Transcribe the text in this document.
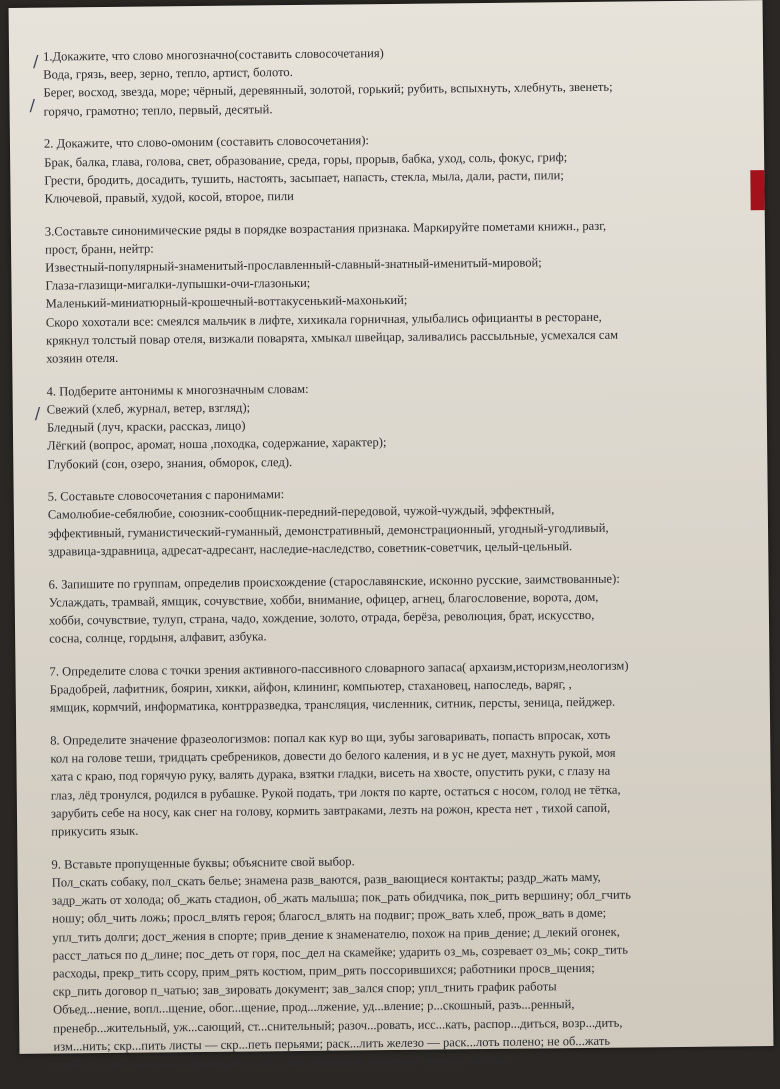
/
/
/
1.Докажите, что слово многозначно(составить словосочетания)
Вода, грязь, веер, зерно, тепло, артист, болото.
Берег, восход, звезда, море; чёрный, деревянный, золотой, горький; рубить, вспыхнуть, хлебнуть, звенеть;
горячо, грамотно; тепло, первый, десятый.
2. Докажите, что слово-омоним (составить словосочетания):
Брак, балка, глава, голова, свет, образование, среда, горы, прорыв, бабка, уход, соль, фокус, гриф;
Грести, бродить, досадить, тушить, настоять, засыпает, напасть, стекла, мыла, дали, расти, пили;
Ключевой, правый, худой, косой, второе, пили
3.Составьте синонимические ряды в порядке возрастания признака. Маркируйте пометами книжн., разг,
прост, бранн, нейтр:
Известный-популярный-знаменитый-прославленный-славный-знатный-именитый-мировой;
Глаза-глазищи-мигалки-лупышки-очи-глазоньки;
Маленький-миниатюрный-крошечный-воттакусенький-махонький;
Скоро хохотали все: смеялся мальчик в лифте, хихикала горничная, улыбались официанты в ресторане,
крякнул толстый повар отеля, визжали поварята, хмыкал швейцар, заливались рассыльные, усмехался сам
хозяин отеля.
4. Подберите антонимы к многозначным словам:
Свежий (хлеб, журнал, ветер, взгляд);
Бледный (луч, краски, рассказ, лицо)
Лёгкий (вопрос, аромат, ноша ,походка, содержание, характер);
Глубокий (сон, озеро, знания, обморок, след).
5. Составьте словосочетания с паронимами:
Самолюбие-себялюбие, союзник-сообщник-передний-передовой, чужой-чуждый, эффектный,
эффективный, гуманистический-гуманный, демонстративный, демонстрационный, угодный-угодливый,
здравица-здравница, адресат-адресант, наследие-наследство, советник-советчик, целый-цельный.
6. Запишите по группам, определив происхождение (старославянские, исконно русские, заимствованные):
Услаждать, трамвай, ямщик, сочувствие, хобби, внимание, офицер, агнец, благословение, ворота, дом,
хобби, сочувствие, тулуп, страна, чадо, хождение, золото, отрада, берёза, революция, брат, искусство,
сосна, солнце, гордыня, алфавит, азбука.
7. Определите слова с точки зрения активного-пассивного словарного запаса( архаизм,историзм,неологизм)
Брадобрей, лафитник, боярин, хикки, айфон, клининг, компьютер, стахановец, напоследь, варяг, ,
ямщик, кормчий, информатика, контрразведка, трансляция, численник, ситник, персты, зеница, пейджер.
8. Определите значение фразеологизмов: попал как кур во щи, зубы заговаривать, попасть впросак, хоть
кол на голове теши, тридцать сребреников, довести до белого каления, и в ус не дует, махнуть рукой, моя
хата с краю, под горячую руку, валять дурака, взятки гладки, висеть на хвосте, опустить руки, с глазу на
глаз, лёд тронулся, родился в рубашке. Рукой подать, три локтя по карте, остаться с носом, голод не тётка,
зарубить себе на носу, как снег на голову, кормить завтраками, лезть на рожон, креста нет , тихой сапой,
прикусить язык.
9. Вставьте пропущенные буквы; объясните свой выбор.
Пол_скать собаку, пол_скать белье; знамена разв_ваются, разв_вающиеся контакты; раздр_жать маму,
задр_жать от холода; об_жать стадион, об_жать малыша; пок_рать обидчика, пок_рить вершину; обл_гчить
ношу; обл_чить ложь; просл_влять героя; благосл_влять на подвиг; прож_вать хлеб, прож_вать в доме;
упл_тить долги; дост_жения в спорте; прив_дение к знаменателю, похож на прив_дение; д_лекий огонек,
расст_латься по д_лине; пос_деть от горя, пос_дел на скамейке; ударить оз_мь, созревает оз_мь; сокр_тить
расходы, прекр_тить ссору, прим_рять костюм, прим_рять поссорившихся; работники просв_щения;
скр_пить договор п_чатью; зав_зировать документ; зав_зался спор; упл_тнить график работы
Объед...нение, вопл...щение, обог...щение, прод...лжение, уд...вление; р...скошный, разъ...ренный,
пренебр...жительный, уж...сающий, ст...снительный; разоч...ровать, исс...кать, распор...диться, возр...дить,
изм...нить; скр...пить листы — скр...петь перьями; раск...лить железо — раск...лоть полено; не об...жать
слабых — об...жать всю территорию; овл...деть знаниями, любимый препод...ватель,
